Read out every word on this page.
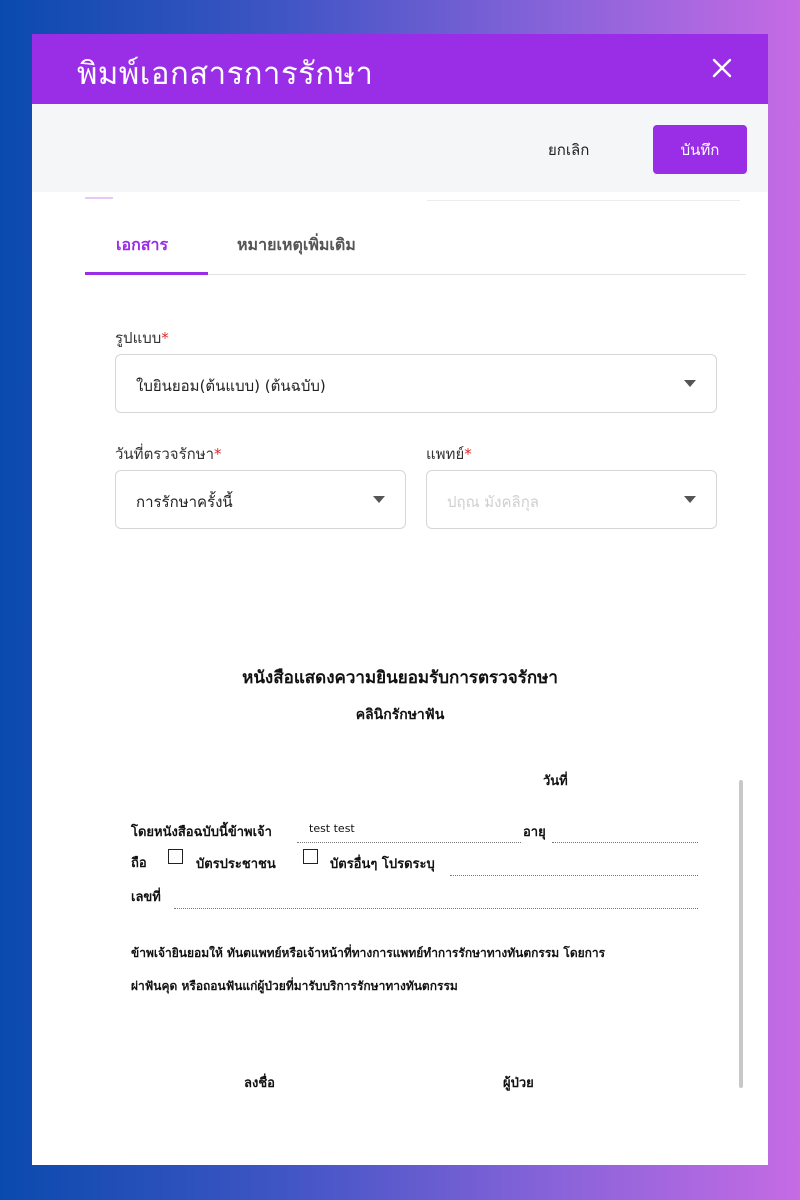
พิมพ์เอกสารการรักษา
ยกเลิก	บันทึก
เอกสาร	หมายเหตุเพิ่มเติม
รูปแบบ*
ใบยินยอม(ต้นแบบ) (ต้นฉบับ)
วันที่ตรวจรักษา*
การรักษาครั้งนี้
แพทย์*
ปฤณ มังคลิกุล
หนังสือแสดงความยินยอมรับการตรวจรักษา
คลินิกรักษาฟัน
วันที่
โดยหนังสือฉบับนี้ข้าพเจ้า	test test	อายุ
ถือ	บัตรประชาชน	บัตรอื่นๆ โปรดระบุ
เลขที่
ข้าพเจ้ายินยอมให้ ทันตแพทย์หรือเจ้าหน้าที่ทางการแพทย์ทำการรักษาทางทันตกรรม โดยการ
ผ่าฟันคุด หรือถอนฟันแก่ผู้ป่วยที่มารับบริการรักษาทางทันตกรรม
ลงชื่อ	ผู้ป่วย
